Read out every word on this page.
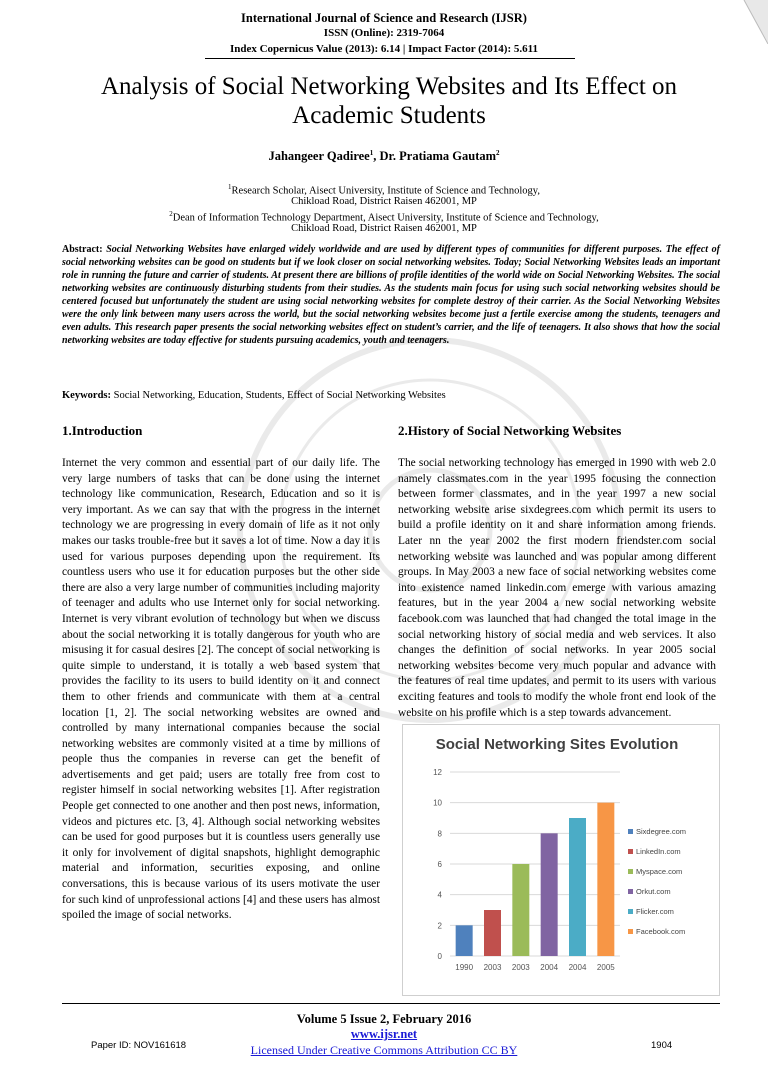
International Journal of Science and Research (IJSR)
ISSN (Online): 2319-7064
Index Copernicus Value (2013): 6.14 | Impact Factor (2014): 5.611
Analysis of Social Networking Websites and Its Effect on Academic Students
Jahangeer Qadiree$^1$, Dr. Pratiama Gautam$^2$
$^1$Research Scholar, Aisect University, Institute of Science and Technology,
Chikload Road, District Raisen 462001, MP
$^2$Dean of Information Technology Department, Aisect University, Institute of Science and Technology,
Chikload Road, District Raisen 462001, MP
Abstract: Social Networking Websites have enlarged widely worldwide and are used by different types of communities for different purposes. The effect of social networking websites can be good on students but if we look closer on social networking websites. Today; Social Networking Websites leads an important role in running the future and carrier of students. At present there are billions of profile identities of the world wide on Social Networking Websites. The social networking websites are continuously disturbing students from their studies. As the students main focus for using such social networking websites should be centered focused but unfortunately the student are using social networking websites for complete destroy of their carrier. As the Social Networking Websites were the only link between many users across the world, but the social networking websites become just a fertile exercise among the students, teenagers and even adults. This research paper presents the social networking websites effect on student’s carrier, and the life of teenagers. It also shows that how the social networking websites are today effective for students pursuing academics, youth and teenagers.
Keywords: Social Networking, Education, Students, Effect of Social Networking Websites
1.Introduction	2.History of Social Networking Websites
Internet the very common and essential part of our daily life. The very large numbers of tasks that can be done using the internet technology like communication, Research, Education and so it is very important. As we can say that with the progress in the internet technology we are progressing in every domain of life as it not only makes our tasks trouble-free but it saves a lot of time. Now a day it is used for various purposes depending upon the requirement. Its countless users who use it for education purposes but the other side there are also a very large number of communities including majority of teenager and adults who use Internet only for social networking. Internet is very vibrant evolution of technology but when we discuss about the social networking it is totally dangerous for youth who are misusing it for casual desires [2]. The concept of social networking is quite simple to understand, it is totally a web based system that provides the facility to its users to build identity on it and connect them to other friends and communicate with them at a central location [1, 2]. The social networking websites are owned and controlled by many international companies because the social networking websites are commonly visited at a time by millions of people thus the companies in reverse can get the benefit of advertisements and get paid; users are totally free from cost to register himself in social networking websites [1]. After registration People get connected to one another and then post news, information, videos and pictures etc. [3, 4]. Although social networking websites can be used for good purposes but it is countless users generally use it only for involvement of digital snapshots, highlight demographic material and information, securities exposing, and online conversations, this is because various of its users motivate the user for such kind of unprofessional actions [4] and these users has almost spoiled the image of social networks.
The social networking technology has emerged in 1990 with web 2.0 namely classmates.com in the year 1995 focusing the connection between former classmates, and in the year 1997 a new social networking website arise sixdegrees.com which permit its users to build a profile identity on it and share information among friends. Later nn the year 2002 the first modern friendster.com social networking website was launched and was popular among different groups. In May 2003 a new face of social networking websites come into existence named linkedin.com emerge with various amazing features, but in the year 2004 a new social networking website facebook.com was launched that had changed the total image in the social networking history of social media and web services. It also changes the definition of social networks. In year 2005 social networking websites become very much popular and advance with the features of real time updates, and permit to its users with various exciting features and tools to modify the whole front end look of the website on his profile which is a step towards advancement.
Social Networking Sites Evolution
0
2
4
6
8
10
12
1990 2003 2003 2004 2004 2005
Sixdegree.com
LinkedIn.com
Myspace.com
Orkut.com
Flicker.com
Facebook.com
Volume 5 Issue 2, February 2016
www.ijsr.net
Licensed Under Creative Commons Attribution CC BY
Paper ID: NOV161618	1904
